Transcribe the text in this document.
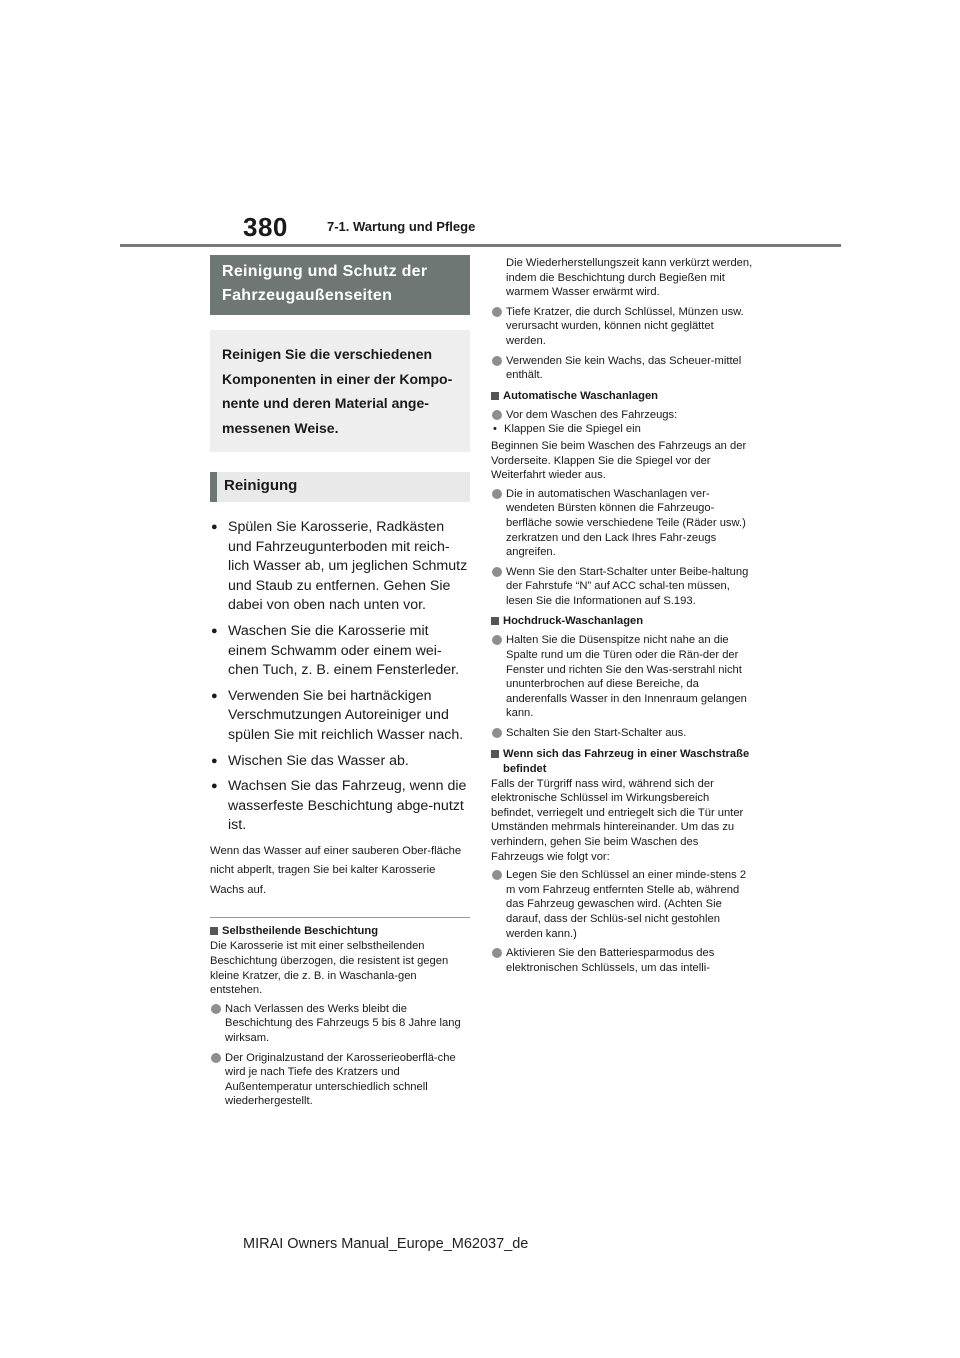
380	7-1. Wartung und Pflege
Reinigung und Schutz der Fahrzeugaußenseiten
Reinigen Sie die verschiedenen Komponenten in einer der Kompo-nente und deren Material ange-messenen Weise.
Reinigung
● Spülen Sie Karosserie, Radkästen und Fahrzeugunterboden mit reich-lich Wasser ab, um jeglichen Schmutz und Staub zu entfernen. Gehen Sie dabei von oben nach unten vor.
● Waschen Sie die Karosserie mit einem Schwamm oder einem wei-chen Tuch, z. B. einem Fensterleder.
● Verwenden Sie bei hartnäckigen Verschmutzungen Autoreiniger und spülen Sie mit reichlich Wasser nach.
● Wischen Sie das Wasser ab.
● Wachsen Sie das Fahrzeug, wenn die wasserfeste Beschichtung abge-nutzt ist.
Wenn das Wasser auf einer sauberen Ober-fläche nicht abperlt, tragen Sie bei kalter Karosserie Wachs auf.
Selbstheilende Beschichtung
Die Karosserie ist mit einer selbstheilenden Beschichtung überzogen, die resistent ist gegen kleine Kratzer, die z. B. in Waschanla-gen entstehen.
Nach Verlassen des Werks bleibt die Beschichtung des Fahrzeugs 5 bis 8 Jahre lang wirksam.
Der Originalzustand der Karosserieoberflä-che wird je nach Tiefe des Kratzers und Außentemperatur unterschiedlich schnell wiederhergestellt.
Die Wiederherstellungszeit kann verkürzt werden, indem die Beschichtung durch Begießen mit warmem Wasser erwärmt wird.
Tiefe Kratzer, die durch Schlüssel, Münzen usw. verursacht wurden, können nicht geglättet werden.
Verwenden Sie kein Wachs, das Scheuer-mittel enthält.
Automatische Waschanlagen
Vor dem Waschen des Fahrzeugs:
• Klappen Sie die Spiegel ein
Beginnen Sie beim Waschen des Fahrzeugs an der Vorderseite. Klappen Sie die Spiegel vor der Weiterfahrt wieder aus.
Die in automatischen Waschanlagen ver-wendeten Bürsten können die Fahrzeugo-berfläche sowie verschiedene Teile (Räder usw.) zerkratzen und den Lack Ihres Fahr-zeugs angreifen.
Wenn Sie den Start-Schalter unter Beibe-haltung der Fahrstufe “N” auf ACC schal-ten müssen, lesen Sie die Informationen auf S.193.
Hochdruck-Waschanlagen
Halten Sie die Düsenspitze nicht nahe an die Spalte rund um die Türen oder die Rän-der der Fenster und richten Sie den Was-serstrahl nicht ununterbrochen auf diese Bereiche, da anderenfalls Wasser in den Innenraum gelangen kann.
Schalten Sie den Start-Schalter aus.
Wenn sich das Fahrzeug in einer Waschstraße befindet
Falls der Türgriff nass wird, während sich der elektronische Schlüssel im Wirkungsbereich befindet, verriegelt und entriegelt sich die Tür unter Umständen mehrmals hintereinander. Um das zu verhindern, gehen Sie beim Waschen des Fahrzeugs wie folgt vor:
Legen Sie den Schlüssel an einer minde-stens 2 m vom Fahrzeug entfernten Stelle ab, während das Fahrzeug gewaschen wird. (Achten Sie darauf, dass der Schlüs-sel nicht gestohlen werden kann.)
Aktivieren Sie den Batteriesparmodus des elektronischen Schlüssels, um das intelli-
MIRAI Owners Manual_Europe_M62037_de
